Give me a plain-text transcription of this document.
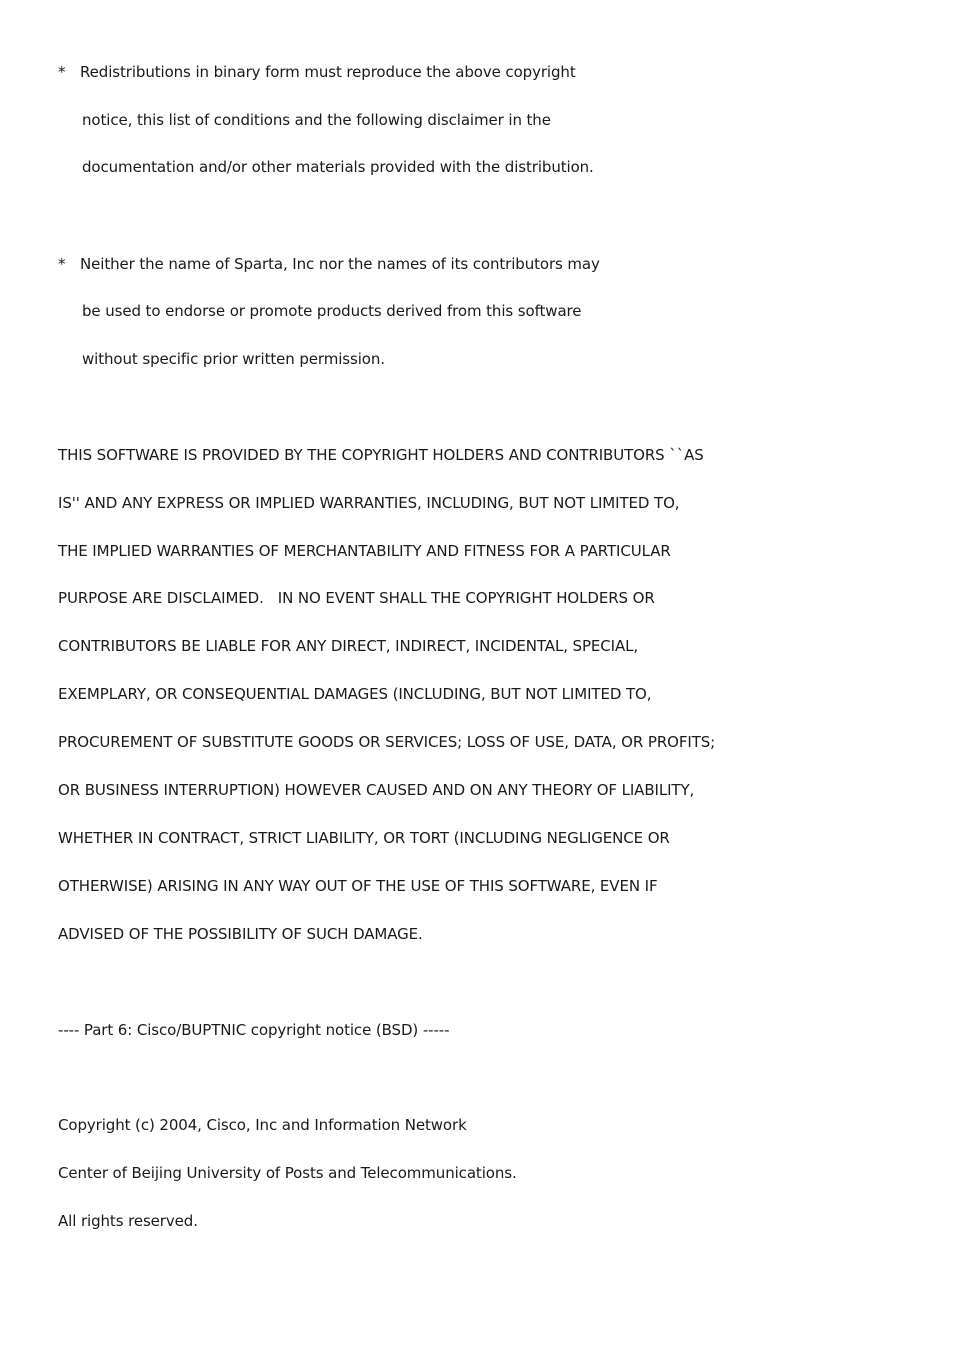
* Redistributions in binary form must reproduce the above copyright
notice, this list of conditions and the following disclaimer in the
documentation and/or other materials provided with the distribution.
* Neither the name of Sparta, Inc nor the names of its contributors may
be used to endorse or promote products derived from this software
without specific prior written permission.
THIS SOFTWARE IS PROVIDED BY THE COPYRIGHT HOLDERS AND CONTRIBUTORS ``AS
IS'' AND ANY EXPRESS OR IMPLIED WARRANTIES, INCLUDING, BUT NOT LIMITED TO,
THE IMPLIED WARRANTIES OF MERCHANTABILITY AND FITNESS FOR A PARTICULAR
PURPOSE ARE DISCLAIMED.   IN NO EVENT SHALL THE COPYRIGHT HOLDERS OR
CONTRIBUTORS BE LIABLE FOR ANY DIRECT, INDIRECT, INCIDENTAL, SPECIAL,
EXEMPLARY, OR CONSEQUENTIAL DAMAGES (INCLUDING, BUT NOT LIMITED TO,
PROCUREMENT OF SUBSTITUTE GOODS OR SERVICES; LOSS OF USE, DATA, OR PROFITS;
OR BUSINESS INTERRUPTION) HOWEVER CAUSED AND ON ANY THEORY OF LIABILITY,
WHETHER IN CONTRACT, STRICT LIABILITY, OR TORT (INCLUDING NEGLIGENCE OR
OTHERWISE) ARISING IN ANY WAY OUT OF THE USE OF THIS SOFTWARE, EVEN IF
ADVISED OF THE POSSIBILITY OF SUCH DAMAGE.
---- Part 6: Cisco/BUPTNIC copyright notice (BSD) -----
Copyright (c) 2004, Cisco, Inc and Information Network
Center of Beijing University of Posts and Telecommunications.
All rights reserved.
